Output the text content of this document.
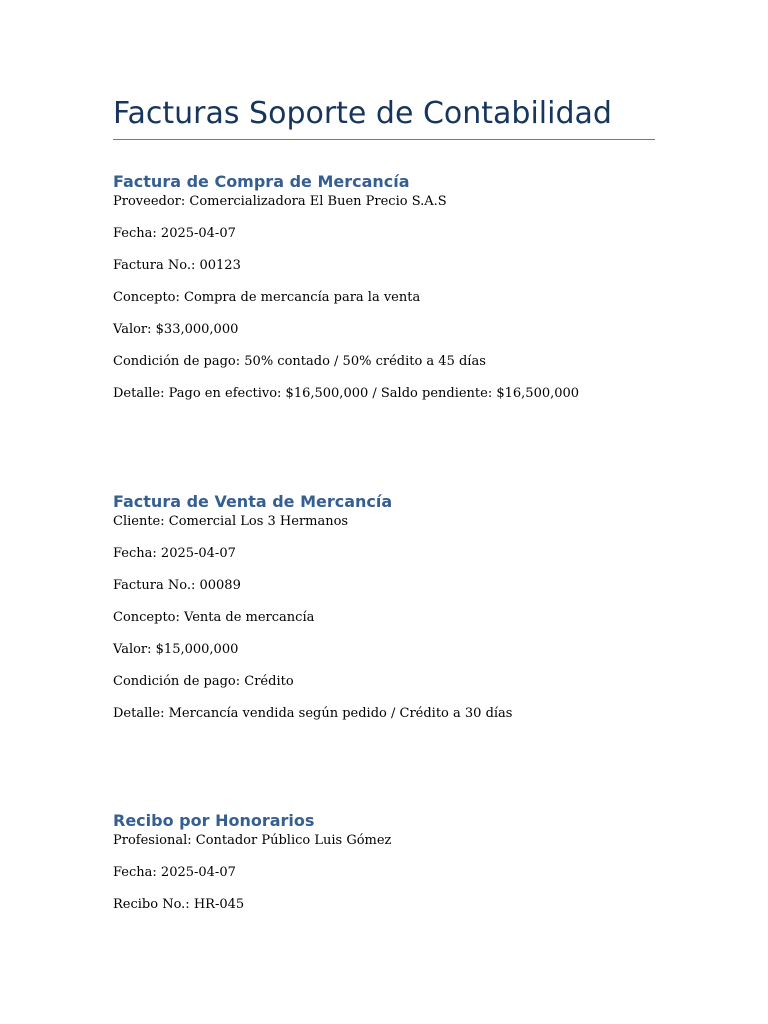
Facturas Soporte de Contabilidad
Factura de Compra de Mercancía
Proveedor: Comercializadora El Buen Precio S.A.S
Fecha: 2025-04-07
Factura No.: 00123
Concepto: Compra de mercancía para la venta
Valor: $33,000,000
Condición de pago: 50% contado / 50% crédito a 45 días
Detalle: Pago en efectivo: $16,500,000 / Saldo pendiente: $16,500,000
Factura de Venta de Mercancía
Cliente: Comercial Los 3 Hermanos
Fecha: 2025-04-07
Factura No.: 00089
Concepto: Venta de mercancía
Valor: $15,000,000
Condición de pago: Crédito
Detalle: Mercancía vendida según pedido / Crédito a 30 días
Recibo por Honorarios
Profesional: Contador Público Luis Gómez
Fecha: 2025-04-07
Recibo No.: HR-045
